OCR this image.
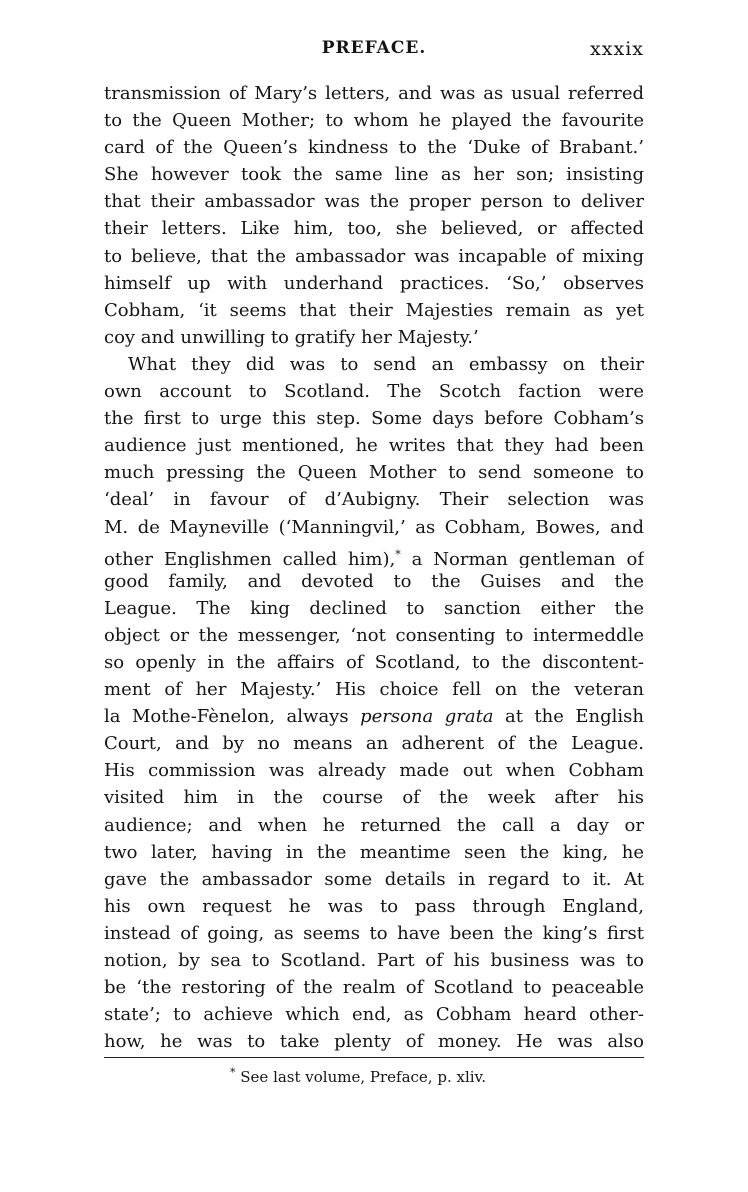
PREFACE.	xxxix
transmission of Mary’s letters, and was as usual referred
to the Queen Mother; to whom he played the favourite
card of the Queen’s kindness to the ‘Duke of Brabant.’
She however took the same line as her son; insisting
that their ambassador was the proper person to deliver
their letters. Like him, too, she believed, or affected
to believe, that the ambassador was incapable of mixing
himself up with underhand practices. ‘So,’ observes
Cobham, ‘it seems that their Majesties remain as yet
coy and unwilling to gratify her Majesty.’
What they did was to send an embassy on their
own account to Scotland. The Scotch faction were
the first to urge this step. Some days before Cobham’s
audience just mentioned, he writes that they had been
much pressing the Queen Mother to send someone to
‘deal’ in favour of d’Aubigny. Their selection was
M. de Mayneville (‘Manningvil,’ as Cobham, Bowes, and
other Englishmen called him),* a Norman gentleman of
good family, and devoted to the Guises and the
League. The king declined to sanction either the
object or the messenger, ‘not consenting to intermeddle
so openly in the affairs of Scotland, to the discontent-
ment of her Majesty.’ His choice fell on the veteran
la Mothe-Fènelon, always persona grata at the English
Court, and by no means an adherent of the League.
His commission was already made out when Cobham
visited him in the course of the week after his
audience; and when he returned the call a day or
two later, having in the meantime seen the king, he
gave the ambassador some details in regard to it. At
his own request he was to pass through England,
instead of going, as seems to have been the king’s first
notion, by sea to Scotland. Part of his business was to
be ‘the restoring of the realm of Scotland to peaceable
state’; to achieve which end, as Cobham heard other-
how, he was to take plenty of money. He was also
* See last volume, Preface, p. xliv.
